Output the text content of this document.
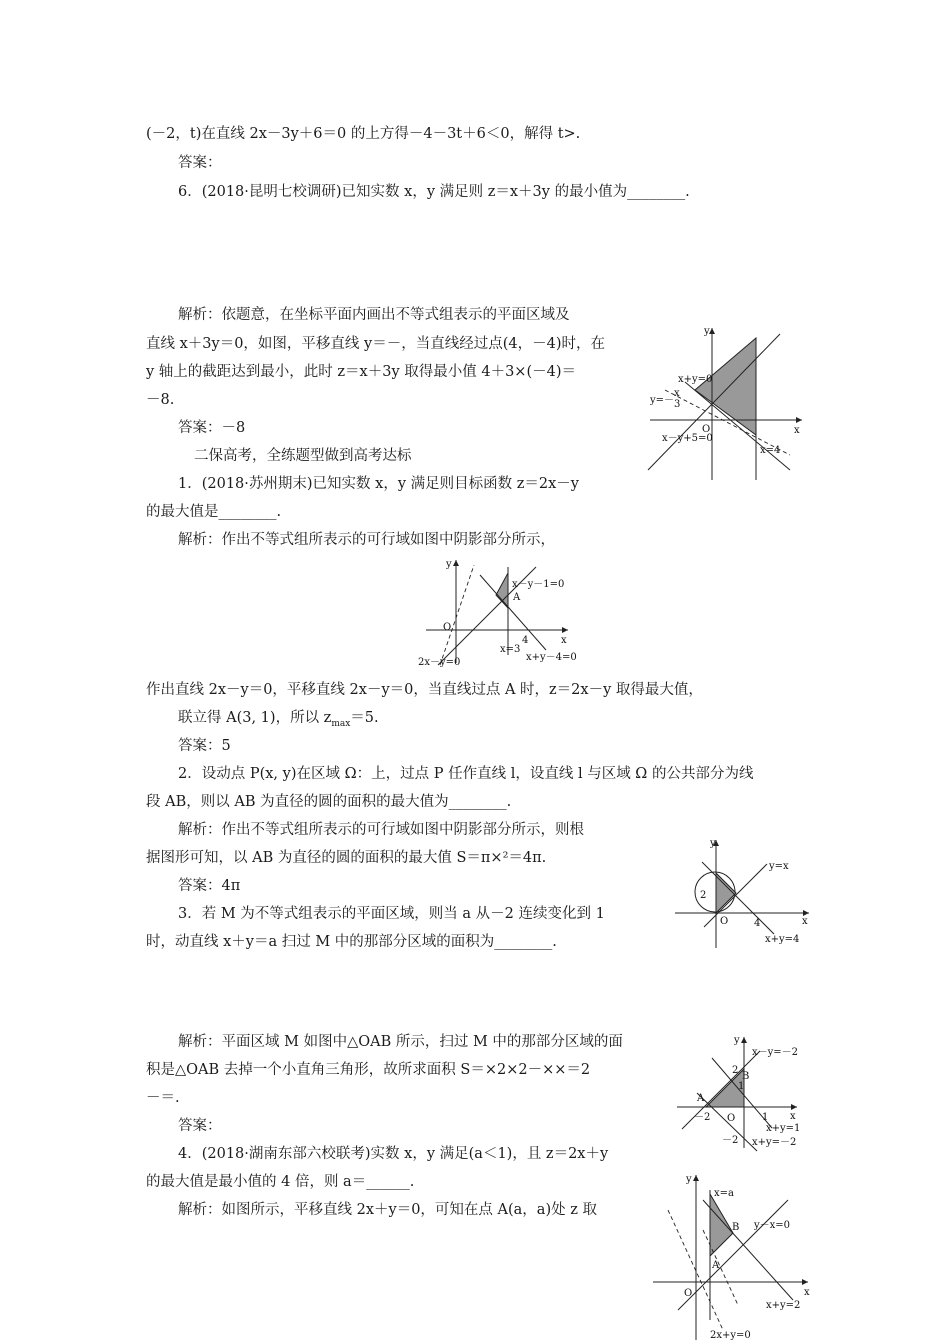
(－2，t)在直线 2x－3y＋6＝0 的上方得－4－3t＋6＜0，解得 t>.
答案：
6．(2018·昆明七校调研)已知实数 x，y 满足则 z＝x＋3y 的最小值为________.
解析：依题意，在坐标平面内画出不等式组表示的平面区域及
直线 x＋3y＝0，如图，平移直线 y＝－，当直线经过点(4，－4)时，在
y 轴上的截距达到最小，此时 z＝x＋3y 取得最小值 4＋3×(－4)＝
－8.
答案：－8
二保高考，全练题型做到高考达标
1．(2018·苏州期末)已知实数 x，y 满足则目标函数 z＝2x－y
的最大值是________.
解析：作出不等式组所表示的可行域如图中阴影部分所示，
作出直线 2x－y＝0，平移直线 2x－y＝0，当直线过点 A 时，z＝2x－y 取得最大值，
联立得 A(3, 1)，所以 $z_{max}=5$.
答案：5
2．设动点 P(x, y)在区域 Ω：上，过点 P 任作直线 l，设直线 l 与区域 Ω 的公共部分为线
段 AB，则以 AB 为直径的圆的面积的最大值为________.
解析：作出不等式组所表示的可行域如图中阴影部分所示，则根
据图形可知，以 AB 为直径的圆的面积的最大值 S＝π×²＝4π.
答案：4π
3．若 M 为不等式组表示的平面区域，则当 a 从－2 连续变化到 1
时，动直线 x＋y＝a 扫过 M 中的那部分区域的面积为________.
解析：平面区域 M 如图中△OAB 所示，扫过 M 中的那部分区域的面
积是△OAB 去掉一个小直角三角形，故所求面积 S＝×2×2－××＝2
－＝.
答案：
4．(2018·湖南东部六校联考)实数 x，y 满足(a＜1)，且 z＝2x＋y
的最大值是最小值的 4 倍，则 a＝______.
解析：如图所示，平移直线 2x＋y＝0，可知在点 A(a，a)处 z 取
y
x
O
x+y=0
y=－
x
3
x－y+5=0
x=4
y
x
O
A
x－y－1=0
2x－y=0
x=3
4
x+y－4=0
y
x
O
y=x
2
4
x+y=4
y
x
O
A
B
x－y=－2
2
1
－2	1
x+y=1
－2 x+y=－2
y
x
O
A
B
x=a
y－x=0
x+y=2
2x+y=0
